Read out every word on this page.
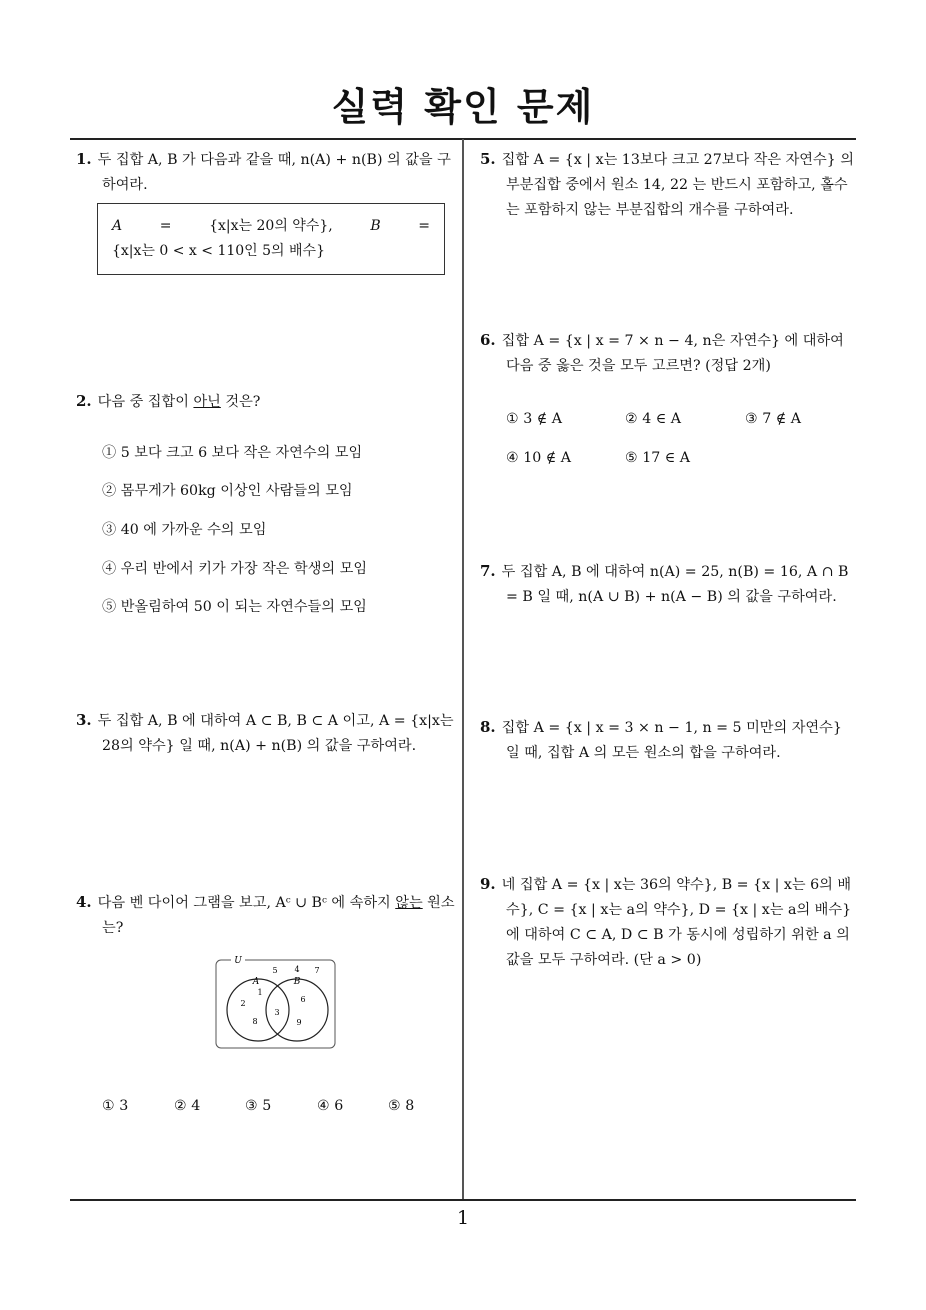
실력 확인 문제
1
1. 두 집합 A, B 가 다음과 같을 때, n(A) + n(B) 의 값을 구하여라.
A	=	{x|x는 20의 약수},	B	=
{x|x는 0 < x < 110인 5의 배수}
2. 다음 중 집합이 아닌 것은?
① 5 보다 크고 6 보다 작은 자연수의 모임
② 몸무게가 60kg 이상인 사람들의 모임
③ 40 에 가까운 수의 모임
④ 우리 반에서 키가 가장 작은 학생의 모임
⑤ 반올림하여 50 이 되는 자연수들의 모임
3. 두 집합 A, B 에 대하여 A ⊂ B, B ⊂ A 이고, A = {x|x는 28의 약수} 일 때, n(A) + n(B) 의 값을 구하여라.
4. 다음 벤 다이어 그램을 보고, Aᶜ ∪ Bᶜ 에 속하지 않는 원소는?
U
A	B
5 4 7
1
2
8
3
6
9
① 3	② 4	③ 5	④ 6	⑤ 8
5. 집합 A = {x | x는 13보다 크고 27보다 작은 자연수} 의 부분집합 중에서 원소 14, 22 는 반드시 포함하고, 홀수는 포함하지 않는 부분집합의 개수를 구하여라.
6. 집합 A = {x | x = 7 × n − 4, n은 자연수} 에 대하여 다음 중 옳은 것을 모두 고르면? (정답 2개)
① 3 ∉ A	② 4 ∈ A	③ 7 ∉ A
④ 10 ∉ A	⑤ 17 ∈ A
7. 두 집합 A, B 에 대하여 n(A) = 25, n(B) = 16, A ∩ B = B 일 때, n(A ∪ B) + n(A − B) 의 값을 구하여라.
8. 집합 A = {x | x = 3 × n − 1, n = 5 미만의 자연수} 일 때, 집합 A 의 모든 원소의 합을 구하여라.
9. 네 집합 A = {x | x는 36의 약수}, B = {x | x는 6의 배수}, C = {x | x는 a의 약수}, D = {x | x는 a의 배수} 에 대하여 C ⊂ A, D ⊂ B 가 동시에 성립하기 위한 a 의 값을 모두 구하여라. (단 a > 0)
